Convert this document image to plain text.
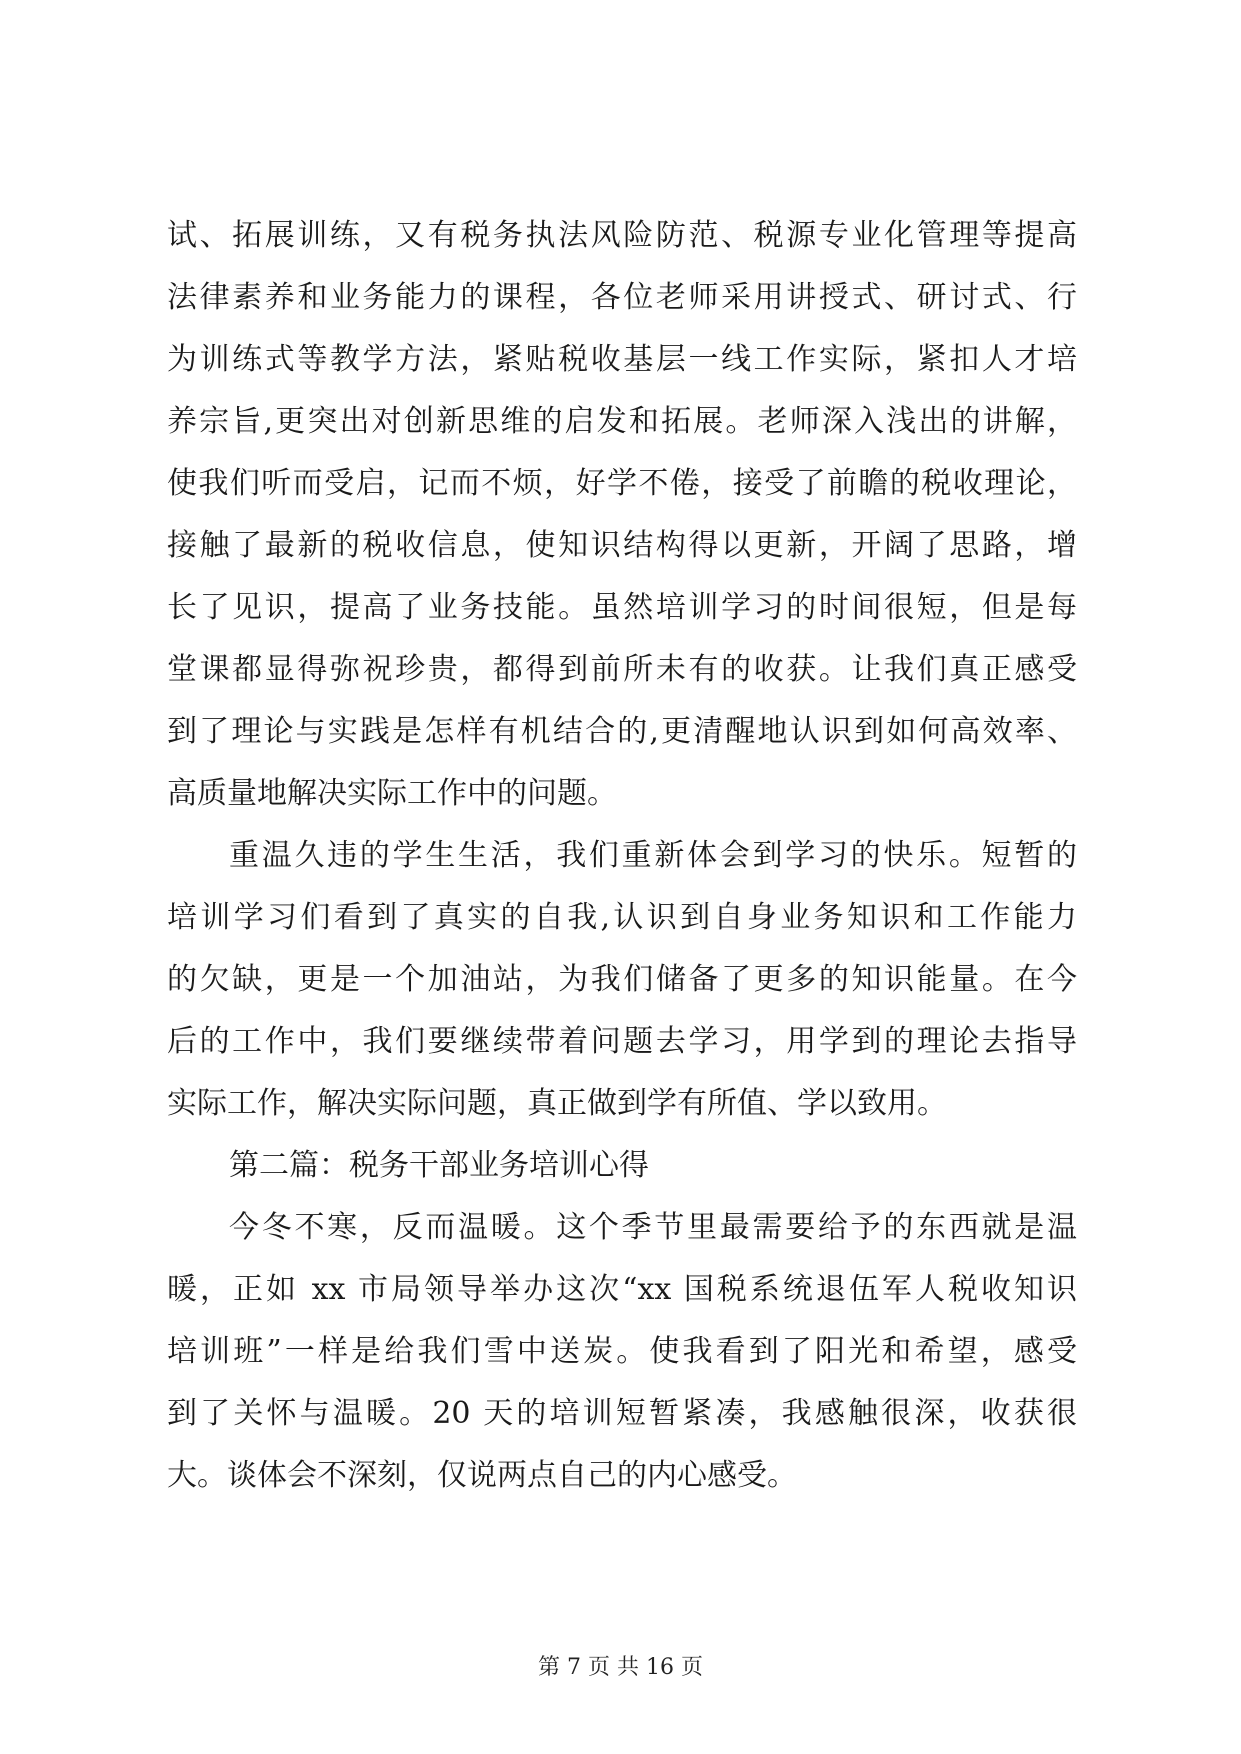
试、拓展训练，又有税务执法风险防范、税源专业化管理等提高
法律素养和业务能力的课程，各位老师采用讲授式、研讨式、行
为训练式等教学方法，紧贴税收基层一线工作实际，紧扣人才培
养宗旨,更突出对创新思维的启发和拓展。老师深入浅出的讲解，
使我们听而受启，记而不烦，好学不倦，接受了前瞻的税收理论，
接触了最新的税收信息，使知识结构得以更新，开阔了思路，增
长了见识，提高了业务技能。虽然培训学习的时间很短，但是每
堂课都显得弥祝珍贵，都得到前所未有的收获。让我们真正感受
到了理论与实践是怎样有机结合的,更清醒地认识到如何高效率、
高质量地解决实际工作中的问题。
重温久违的学生生活，我们重新体会到学习的快乐。短暂的
培训学习们看到了真实的自我,认识到自身业务知识和工作能力
的欠缺，更是一个加油站，为我们储备了更多的知识能量。在今
后的工作中，我们要继续带着问题去学习，用学到的理论去指导
实际工作，解决实际问题，真正做到学有所值、学以致用。
第二篇：税务干部业务培训心得
今冬不寒，反而温暖。这个季节里最需要给予的东西就是温
暖，正如 xx 市局领导举办这次“xx 国税系统退伍军人税收知识
培训班”一样是给我们雪中送炭。使我看到了阳光和希望，感受
到了关怀与温暖。20 天的培训短暂紧凑，我感触很深，收获很
大。谈体会不深刻，仅说两点自己的内心感受。
第 7 页 共 16 页
